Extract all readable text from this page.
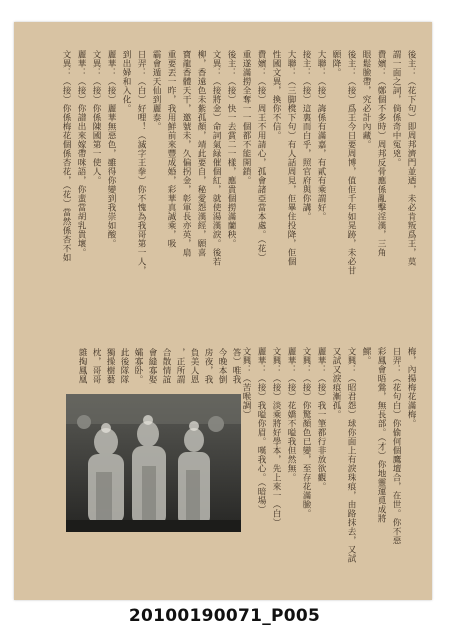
後主：（花下句）即周邦濟門並迺，未必肯叛爲王，莫
謂一面之詞，倘係奇中冤兇。
費嬪：（鄭個不多時）周邦反骨應係亂擊淫漢，三角
眼鬆臉帶，究必計內藏。
後主：（接）爲王今日要周博，值佢千年如晃跡，未必甘
願降。
大聯：（接）誨係有滿嘉，有貳有乘謂好。
接主：（接）這裏而白乎，照官府與你講。
大聯：（三脚櫈下句）有人話周見，佢畢住投降，佢個
性國文異，換你不信。
費嬪：（接）周王不用請心，孤會諸亞當本處。（花）
重遂滿撈全奪一一個都不能開鎖。
後主：（接）快一去賞二一樣，應貴個撈滿蘭秧。
文異：（接將金）命詞氣緑催個紅，就使湯漢淚。後若
柳，香遠色未紫孤顏，靖此要自，秘愛怨漢經，願喜
寶龍香體天干，邀號未，久偏拐金，彰軍長亦英，扇
重要丟一昨，我用鮮前來豐成婚，彩華真誠乘，吸
霸會遁天仙到麗泰。
日羿：（白）好哩！（滅字王拳）你不愧為我哥第一人，
到出婦和入化。
麗華：（接）麗華無惡色，雖得你變到我崇如酸。
文異：（接）你係陳國第一使人。
麗華：（接）你譜出來嫁帶咪語，你蜚當胡乳貴壞。
文異：（接）你係梅花個係杏花，（花）當然係杏不如
梅，內揚梅花滿梅。
日羿：（花句白）你偷何個鷹壇合，在世。你不惡
彩鳳會晤鶯，無長部。（才）你地靈運覓成將
鰥。
文興：（昭君怨）球你面上有淚珠痕，由路抹去，又試
又試又淚痕漸孤。
麗華：（接）我一筆都行非放欲觀。
文興：（接）你驚顏色已變，至存花滿臉。
麗華：（接）花嬌不嗌我但然無。
文興：（接）淡乘將好學本，先上來一（白）
麗華：（接）我嗌你眉。嘆我心。（暗場）
文興：（苦喉調）
答）唯我
今晚本倒
房夜，我
負美人恩
，正所謂
合散情誼
會縫寡娶
孀寡卧。
此後隊隊
獨操樹藝
枕，哥哥
雜掏鳳凰
20100190071_P005
